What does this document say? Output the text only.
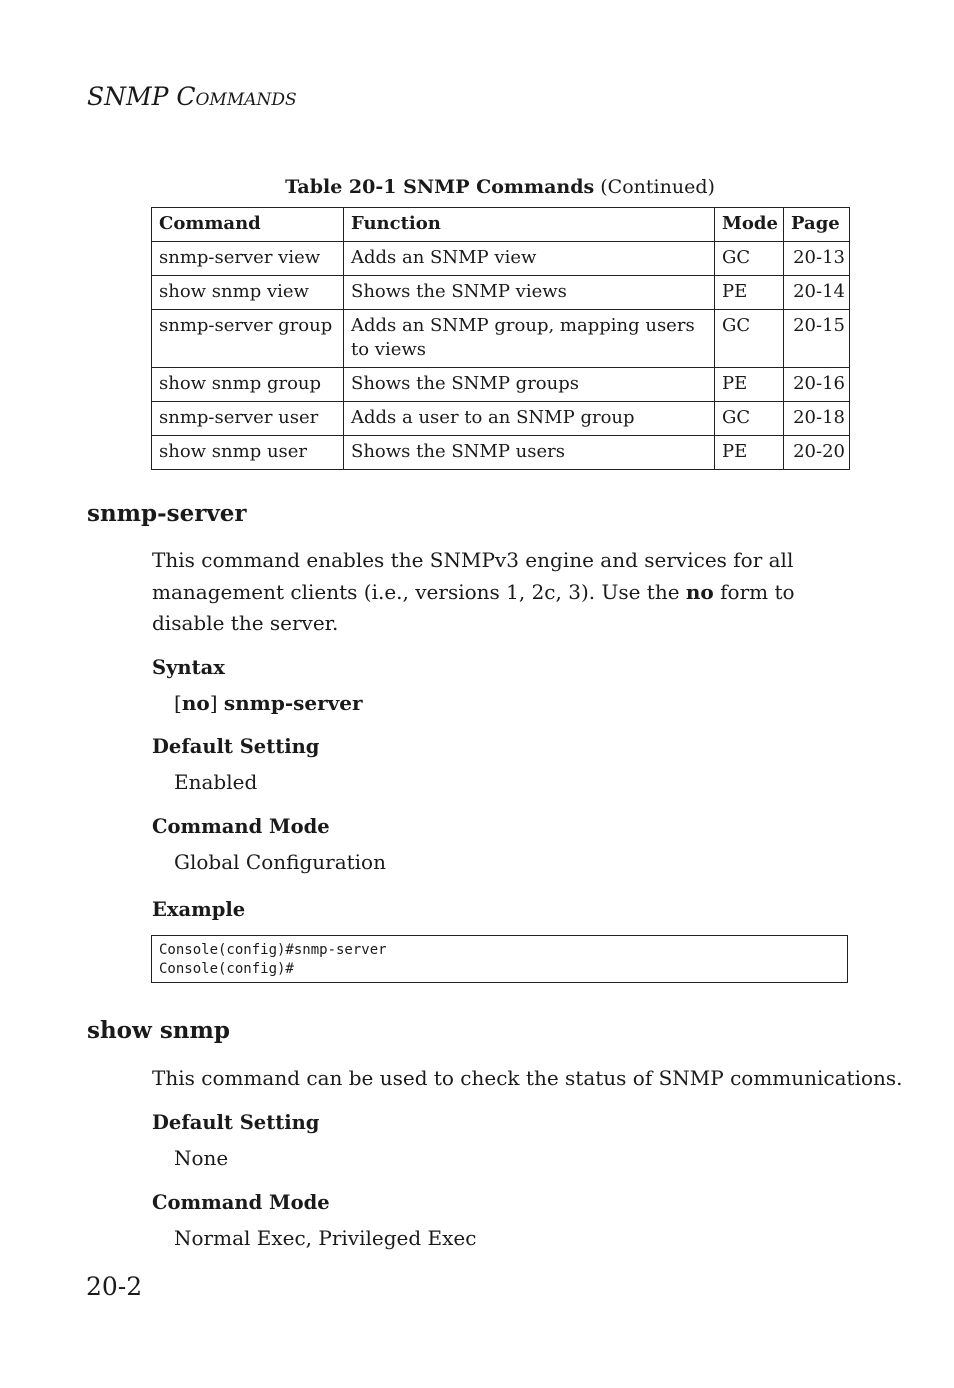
SNMP COMMANDS
Table 20-1 SNMP Commands (Continued)
Command	Function	Mode	Page
snmp-server view	Adds an SNMP view	GC	20-13
show snmp view	Shows the SNMP views	PE	20-14
snmp-server group	Adds an SNMP group, mapping users to views	GC	20-15
show snmp group	Shows the SNMP groups	PE	20-16
snmp-server user	Adds a user to an SNMP group	GC	20-18
show snmp user	Shows the SNMP users	PE	20-20
snmp-server
This command enables the SNMPv3 engine and services for all management clients (i.e., versions 1, 2c, 3). Use the no form to disable the server.
Syntax
[no] snmp-server
Default Setting
Enabled
Command Mode
Global Configuration
Example
Console(config)#snmp-server
Console(config)#
show snmp
This command can be used to check the status of SNMP communications.
Default Setting
None
Command Mode
Normal Exec, Privileged Exec
20-2
